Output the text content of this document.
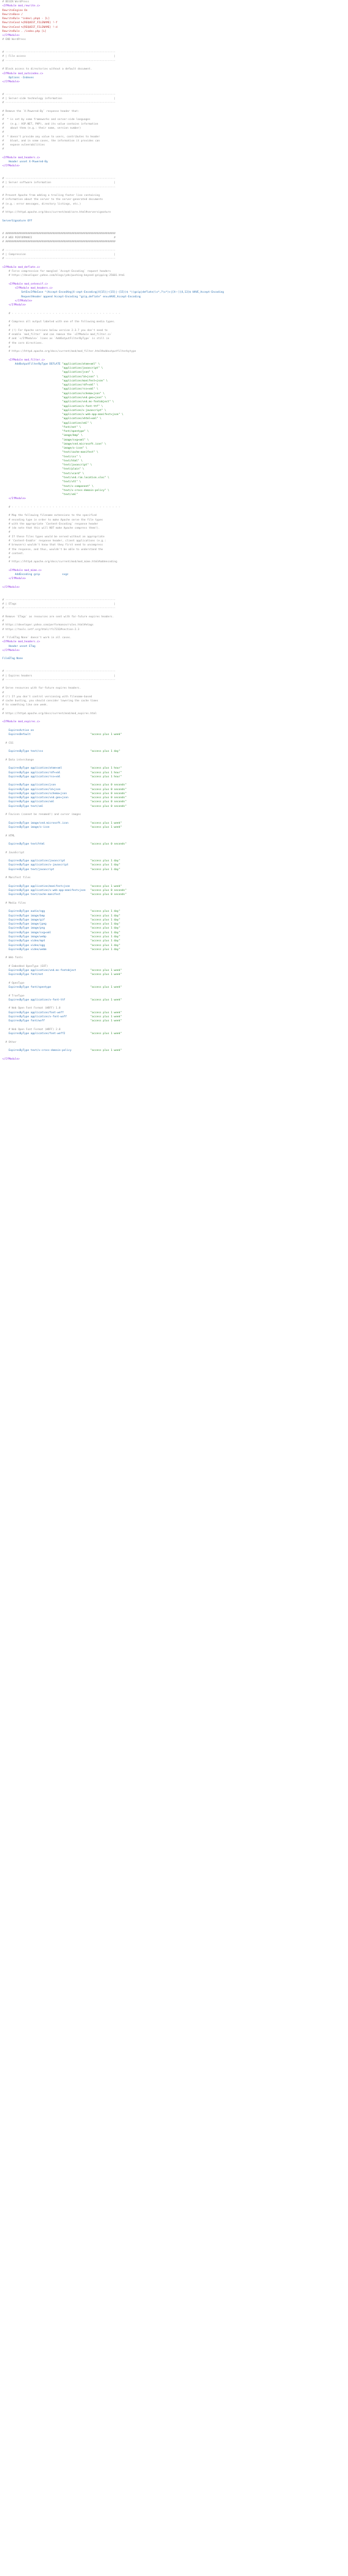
# BEGIN WordPress
<IfModule mod_rewrite.c>
RewriteEngine On
RewriteBase /
RewriteRule ^index\.php$ - [L]
RewriteCond %{REQUEST_FILENAME} !-f
RewriteCond %{REQUEST_FILENAME} !-d
RewriteRule . /index.php [L]
</IfModule>
# END WordPress
# ----------------------------------------------------------------------
# | File access                                                        |
# ----------------------------------------------------------------------
# Block access to directories without a default document.
<IfModule mod_autoindex.c>
Options -Indexes
</IfModule>
# ----------------------------------------------------------------------
# | Server-side technology information                                 |
# ----------------------------------------------------------------------
# Remove the `X-Powered-By` response header that:
#
#  * is set by some frameworks and server-side languages
#    (e.g.: ASP.NET, PHP), and its value contains information
#    about them (e.g.: their name, version number)
#
#  * doesn't provide any value to users, contributes to header
#    bloat, and in some cases, the information it provides can
#    expose vulnerabilities
#
<IfModule mod_headers.c>
Header unset X-Powered-By
</IfModule>
# ----------------------------------------------------------------------
# | Server software information                                        |
# ----------------------------------------------------------------------
# Prevent Apache from adding a trailing footer line containing
# information about the server to the server-generated documents
# (e.g.: error messages, directory listings, etc.)
#
# https://httpd.apache.org/docs/current/mod/core.html#serversignature
ServerSignature Off
# ######################################################################
# # WEB PERFORMANCE                                                    #
# ######################################################################
# ----------------------------------------------------------------------
# | Compression                                                        |
# ----------------------------------------------------------------------
<IfModule mod_deflate.c>
# Force compression for mangled `Accept-Encoding` request headers
# https://developer.yahoo.com/blogs/ydn/pushing-beyond-gzipping-25601.html
<IfModule mod_setenvif.c>
<IfModule mod_headers.c>
SetEnvIfNoCase ^(Accept-EncodXng|X-cept-Encoding|X{15}|~{15}|-{15})$ ^((gzip|deflate)\s*,?\s*)+|[X~-]{4,13}$ HAVE_Accept-Encoding
RequestHeader append Accept-Encoding "gzip,deflate" env=HAVE_Accept-Encoding
</IfModule>
</IfModule>
# - - - - - - - - - - - - - - - - - - - - - - - - - - - - - - - - - - -
# Compress all output labeled with one of the following media types.
#
# (!) For Apache versions below version 2.3.7 you don't need to
# enable `mod_filter` and can remove the `<IfModule mod_filter.c>`
# and `</IfModule>` lines as `AddOutputFilterByType` is still in
# the core directives.
#
# https://httpd.apache.org/docs/current/mod/mod_filter.html#addoutputfilterbytype
<IfModule mod_filter.c>
AddOutputFilterByType DEFLATE "application/atom+xml" \
"application/javascript" \
"application/json" \
"application/ld+json" \
"application/manifest+json" \
"application/rdf+xml" \
"application/rss+xml" \
"application/schema+json" \
"application/vnd.geo+json" \
"application/vnd.ms-fontobject" \
"application/x-font-ttf" \
"application/x-javascript" \
"application/x-web-app-manifest+json" \
"application/xhtml+xml" \
"application/xml" \
"font/eot" \
"font/opentype" \
"image/bmp" \
"image/svg+xml" \
"image/vnd.microsoft.icon" \
"image/x-icon" \
"text/cache-manifest" \
"text/css" \
"text/html" \
"text/javascript" \
"text/plain" \
"text/vcard" \
"text/vnd.rim.location.xloc" \
"text/vtt" \
"text/x-component" \
"text/x-cross-domain-policy" \
"text/xml"
</IfModule>
# - - - - - - - - - - - - - - - - - - - - - - - - - - - - - - - - - - -
# Map the following filename extensions to the specified
# encoding type in order to make Apache serve the file types
# with the appropriate `Content-Encoding` response header
# (do note that this will NOT make Apache compress them!).
#
# If these files types would be served without an appropriate
# `Content-Enable` response header, client applications (e.g.:
# browsers) wouldn't know that they first need to uncompress
# the response, and thus, wouldn't be able to understand the
# content.
#
# https://httpd.apache.org/docs/current/mod/mod_mime.html#addencoding
<IfModule mod_mime.c>
AddEncoding gzip              svgz
</IfModule>
</IfModule>
# ----------------------------------------------------------------------
# | ETags                                                              |
# ----------------------------------------------------------------------
# Remove `ETags` as resources are sent with far-future expires headers.
#
# https://developer.yahoo.com/performance/rules.html#etags
# https://tools.ietf.org/html/rfc7232#section-2.3
# `FileETag None` doesn't work in all cases.
<IfModule mod_headers.c>
Header unset ETag
</IfModule>
FileETag None
# ----------------------------------------------------------------------
# | Expires headers                                                    |
# ----------------------------------------------------------------------
# Serve resources with far-future expires headers.
#
# (!) If you don't control versioning with filename-based
# cache busting, you should consider lowering the cache times
# to something like one week.
#
# https://httpd.apache.org/docs/current/mod/mod_expires.html
<IfModule mod_expires.c>
ExpiresActive on
ExpiresDefault                                      "access plus 1 week"
# CSS
ExpiresByType text/css                              "access plus 1 day"
# Data interchange
ExpiresByType application/atom+xml                  "access plus 1 hour"
ExpiresByType application/rdf+xml                   "access plus 1 hour"
ExpiresByType application/rss+xml                   "access plus 1 hour"
ExpiresByType application/json                      "access plus 0 seconds"
ExpiresByType application/ld+json                   "access plus 0 seconds"
ExpiresByType application/schema+json               "access plus 0 seconds"
ExpiresByType application/vnd.geo+json              "access plus 0 seconds"
ExpiresByType application/xml                       "access plus 0 seconds"
ExpiresByType text/xml                              "access plus 0 seconds"
# Favicon (cannot be renamed!) and cursor images
ExpiresByType image/vnd.microsoft.icon              "access plus 1 week"
ExpiresByType image/x-icon                          "access plus 1 week"
# HTML
ExpiresByType text/html                             "access plus 0 seconds"
# JavaScript
ExpiresByType application/javascript                "access plus 1 day"
ExpiresByType application/x-javascript              "access plus 1 day"
ExpiresByType text/javascript                       "access plus 1 day"
# Manifest files
ExpiresByType application/manifest+json             "access plus 1 week"
ExpiresByType application/x-web-app-manifest+json   "access plus 0 seconds"
ExpiresByType text/cache-manifest                   "access plus 0 seconds"
# Media files
ExpiresByType audio/ogg                             "access plus 1 day"
ExpiresByType image/bmp                             "access plus 1 day"
ExpiresByType image/gif                             "access plus 1 day"
ExpiresByType image/jpeg                            "access plus 1 day"
ExpiresByType image/png                             "access plus 1 day"
ExpiresByType image/svg+xml                         "access plus 1 day"
ExpiresByType image/webp                            "access plus 1 day"
ExpiresByType video/mp4                             "access plus 1 day"
ExpiresByType video/ogg                             "access plus 1 day"
ExpiresByType video/webm                            "access plus 1 day"
# Web fonts
# Embedded OpenType (EOT)
ExpiresByType application/vnd.ms-fontobject         "access plus 1 week"
ExpiresByType font/eot                              "access plus 1 week"
# OpenType
ExpiresByType font/opentype                         "access plus 1 week"
# TrueType
ExpiresByType application/x-font-ttf                "access plus 1 week"
# Web Open Font Format (WOFF) 1.0
ExpiresByType application/font-woff                 "access plus 1 week"
ExpiresByType application/x-font-woff               "access plus 1 week"
ExpiresByType font/woff                             "access plus 1 week"
# Web Open Font Format (WOFF) 2.0
ExpiresByType application/font-woff2                "access plus 1 week"
# Other
ExpiresByType text/x-cross-domain-policy            "access plus 1 week"
</IfModule>
